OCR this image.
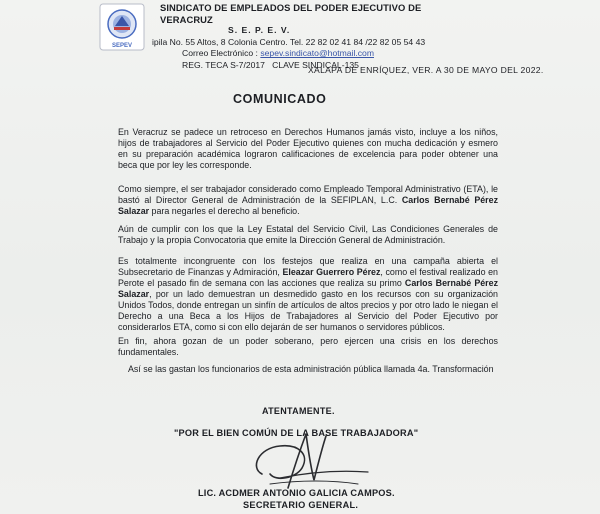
SEPEV
SINDICATO DE EMPLEADOS DEL PODER EJECUTIVO DE VERACRUZ
S. E. P. E. V.
ipila No. 55 Altos, 8 Colonia Centro. Tel. 22 82 02 41 84 /22 82 05 54 43
Correo Electrónico : sepev.sindicato@hotmail.com
REG. TECA S-7/2017 CLAVE SINDICAL-135
XALAPA DE ENRÍQUEZ, VER. A 30 DE MAYO DEL 2022.
COMUNICADO
En Veracruz se padece un retroceso en Derechos Humanos jamás visto, incluye a los niños, hijos de trabajadores al Servicio del Poder Ejecutivo quienes con mucha dedicación y esmero en su preparación académica lograron calificaciones de excelencia para poder obtener una beca que por ley les corresponde.
Como siempre, el ser trabajador considerado como Empleado Temporal Administrativo (ETA), le bastó al Director General de Administración de la SEFIPLAN, L.C. Carlos Bernabé Pérez Salazar para negarles el derecho al beneficio.
Aún de cumplir con los que la Ley Estatal del Servicio Civil, Las Condiciones Generales de Trabajo y la propia Convocatoria que emite la Dirección General de Administración.
Es totalmente incongruente con los festejos que realiza en una campaña abierta el Subsecretario de Finanzas y Admiración, Eleazar Guerrero Pérez, como el festival realizado en Perote el pasado fin de semana con las acciones que realiza su primo Carlos Bernabé Pérez Salazar, por un lado demuestran un desmedido gasto en los recursos con su organización Unidos Todos, donde entregan un sinfín de artículos de altos precios y por otro lado le niegan el Derecho a una Beca a los Hijos de Trabajadores al Servicio del Poder Ejecutivo por considerarlos ETA, como si con ello dejarán de ser humanos o servidores públicos.
En fin, ahora gozan de un poder soberano, pero ejercen una crisis en los derechos fundamentales.
Así se las gastan los funcionarios de esta administración pública llamada 4a. Transformación
ATENTAMENTE.
"POR EL BIEN COMÚN DE LA BASE TRABAJADORA"
LIC. ACDMER ANTONIO GALICIA CAMPOS.
SECRETARIO GENERAL.
